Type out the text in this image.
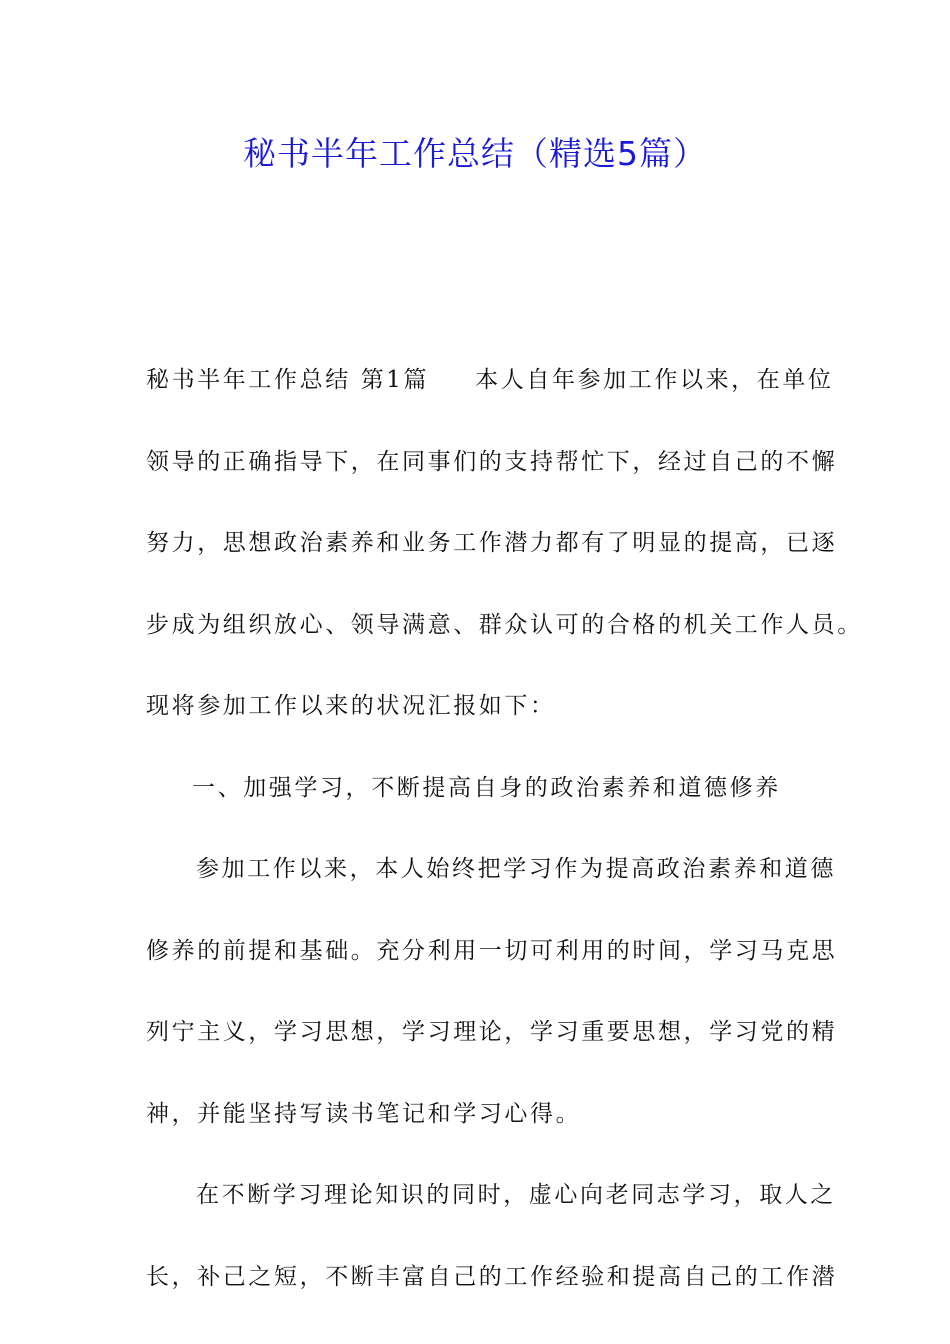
秘书半年工作总结（精选5篇）

秘书半年工作总结 第1篇 本人自年参加工作以来，在单位

领导的正确指导下，在同事们的支持帮忙下，经过自己的不懈

努力，思想政治素养和业务工作潜力都有了明显的提高，已逐

步成为组织放心、领导满意、群众认可的合格的机关工作人员。

现将参加工作以来的状况汇报如下：

一、加强学习，不断提高自身的政治素养和道德修养

参加工作以来，本人始终把学习作为提高政治素养和道德

修养的前提和基础。充分利用一切可利用的时间，学习马克思

列宁主义，学习思想，学习理论，学习重要思想，学习党的精

神，并能坚持写读书笔记和学习心得。

在不断学习理论知识的同时，虚心向老同志学习，取人之

长，补己之短，不断丰富自己的工作经验和提高自己的工作潜
